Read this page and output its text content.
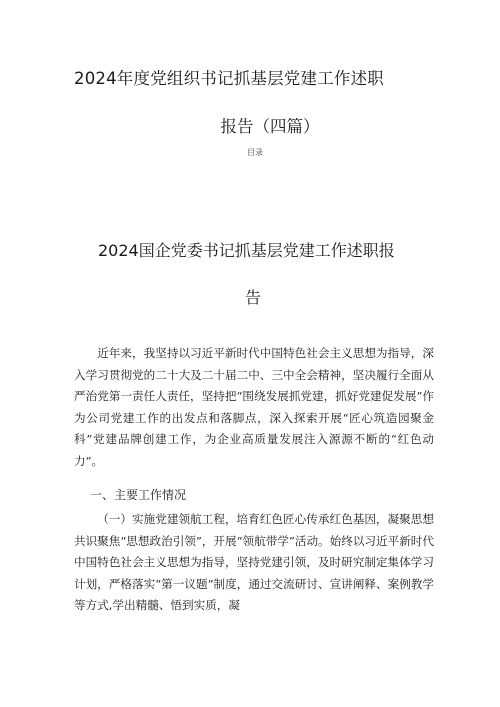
2024年度党组织书记抓基层党建工作述职
报告（四篇）
目录
2024国企党委书记抓基层党建工作述职报
告

近年来，我坚持以习近平新时代中国特色社会主义思想为指导，深入学习贯彻党的二十大及二十届二中、三中全会精神，坚决履行全面从严治党第一责任人责任，坚持把“围绕发展抓党建，抓好党建促发展”作为公司党建工作的出发点和落脚点，深入探索开展“匠心筑造园聚金科”党建品牌创建工作，为企业高质量发展注入源源不断的“红色动力”。

一、主要工作情况

（一）实施党建领航工程，培育红色匠心传承红色基因，凝聚思想共识聚焦“思想政治引领”，开展“领航带学”活动。始终以习近平新时代中国特色社会主义思想为指导，坚持党建引领，及时研究制定集体学习计划，严格落实“第一议题”制度，通过交流研讨、宣讲阐释、案例教学等方式,学出精髓、悟到实质，凝
